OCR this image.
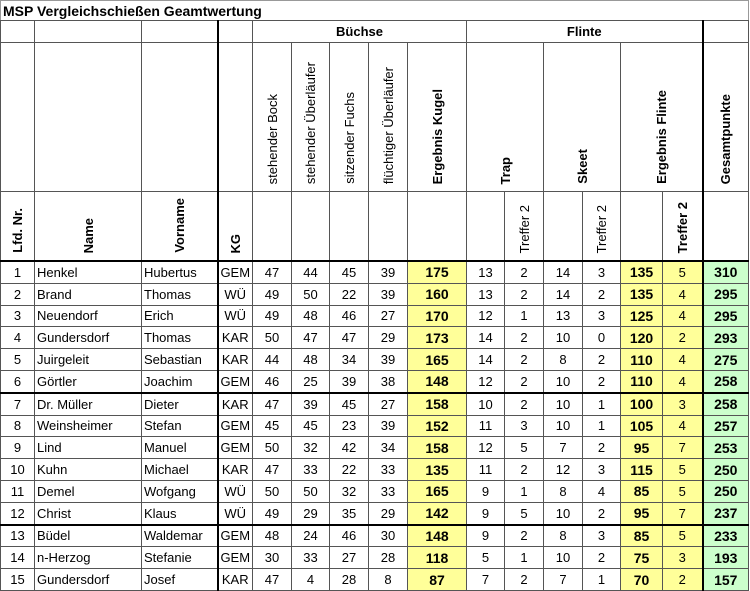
MSP Vergleichschießen Geamtwertung															
				Büchse					Flinte						
				stehender Bock	stehender Überläufer	sitzender Fuchs	flüchtiger Überläufer	Ergebnis Kugel	Trap		Skeet		Ergebnis Flinte		Gesamtpunkte
Lfd. Nr.	Name	Vorname	KG							Treffer 2		Treffer 2		Treffer 2	
1	Henkel	Hubertus	GEM	47	44	45	39	175	13	2	14	3	135	5	310
2	Brand	Thomas	WÜ	49	50	22	39	160	13	2	14	2	135	4	295
3	Neuendorf	Erich	WÜ	49	48	46	27	170	12	1	13	3	125	4	295
4	Gundersdorf	Thomas	KAR	50	47	47	29	173	14	2	10	0	120	2	293
5	Juirgeleit	Sebastian	KAR	44	48	34	39	165	14	2	8	2	110	4	275
6	Görtler	Joachim	GEM	46	25	39	38	148	12	2	10	2	110	4	258
7	Dr. Müller	Dieter	KAR	47	39	45	27	158	10	2	10	1	100	3	258
8	Weinsheimer	Stefan	GEM	45	45	23	39	152	11	3	10	1	105	4	257
9	Lind	Manuel	GEM	50	32	42	34	158	12	5	7	2	95	7	253
10	Kuhn	Michael	KAR	47	33	22	33	135	11	2	12	3	115	5	250
11	Demel	Wofgang	WÜ	50	50	32	33	165	9	1	8	4	85	5	250
12	Christ	Klaus	WÜ	49	29	35	29	142	9	5	10	2	95	7	237
13	Büdel	Waldemar	GEM	48	24	46	30	148	9	2	8	3	85	5	233
14	n-Herzog	Stefanie	GEM	30	33	27	28	118	5	1	10	2	75	3	193
15	Gundersdorf	Josef	KAR	47	4	28	8	87	7	2	7	1	70	2	157
